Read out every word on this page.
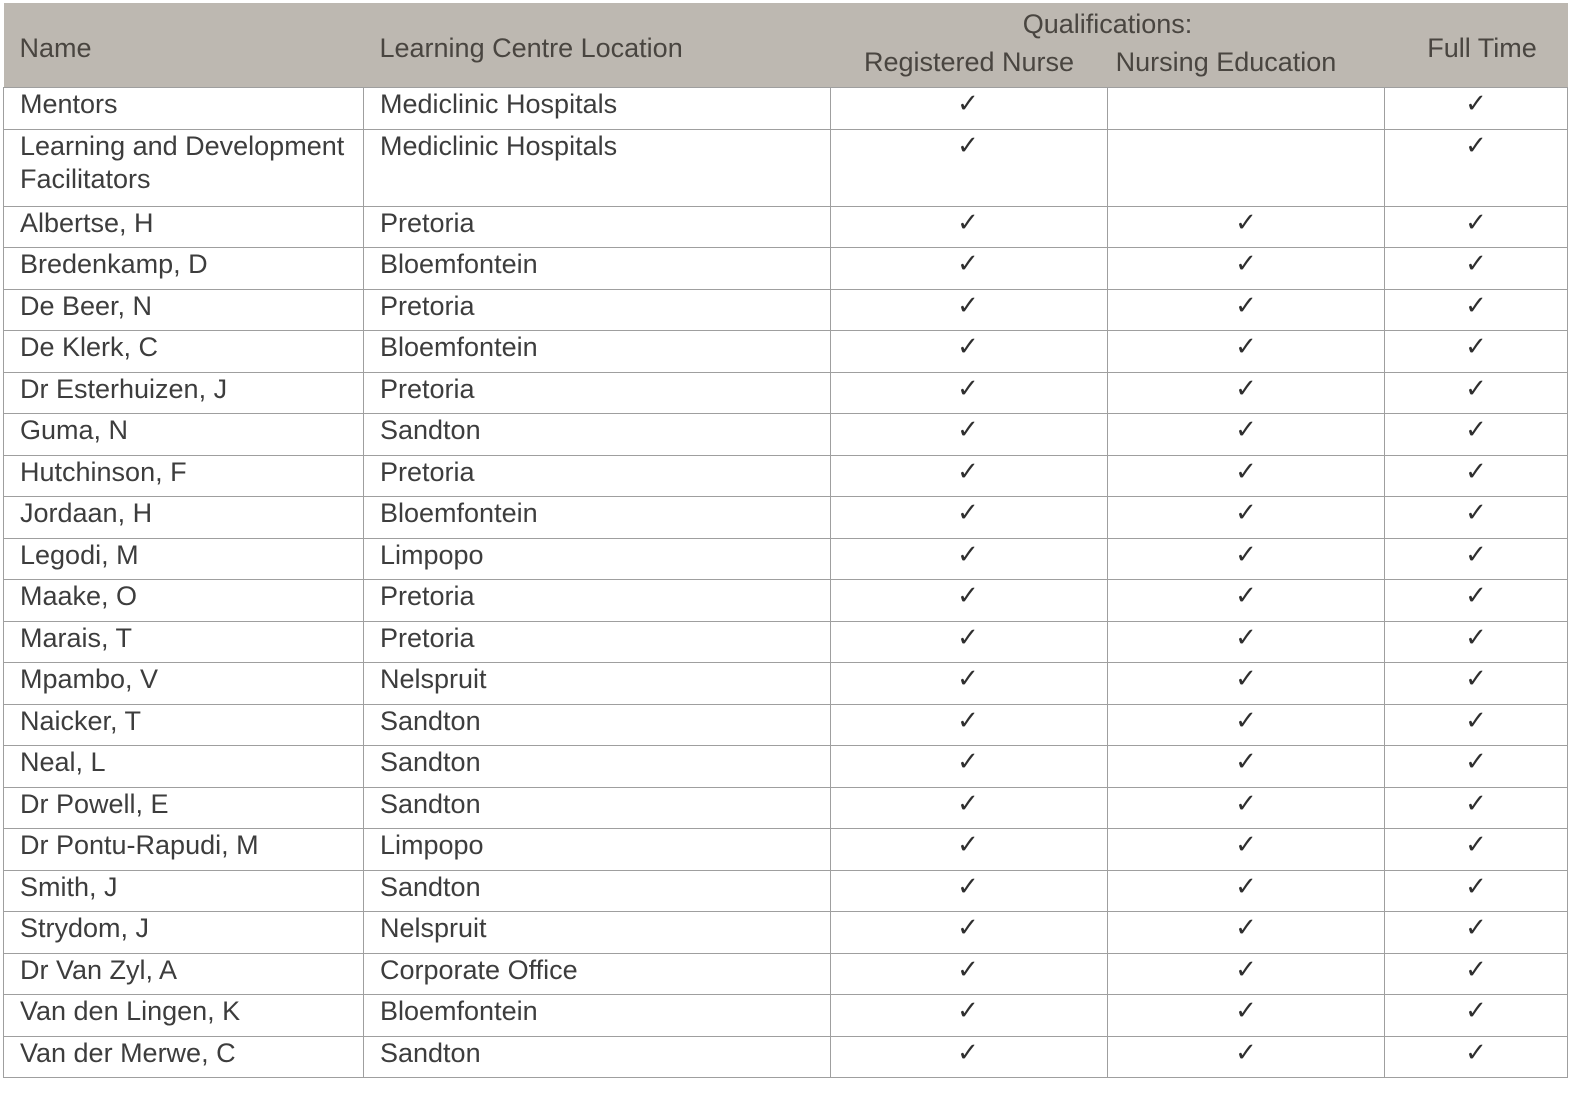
Name	Learning Centre Location	Qualifications:		Full Time
		Registered Nurse	Nursing Education	
Mentors	Mediclinic Hospitals	✓		✓
Learning and Development Facilitators	Mediclinic Hospitals	✓		✓
Albertse, H	Pretoria	✓	✓	✓
Bredenkamp, D	Bloemfontein	✓	✓	✓
De Beer, N	Pretoria	✓	✓	✓
De Klerk, C	Bloemfontein	✓	✓	✓
Dr Esterhuizen, J	Pretoria	✓	✓	✓
Guma, N	Sandton	✓	✓	✓
Hutchinson, F	Pretoria	✓	✓	✓
Jordaan, H	Bloemfontein	✓	✓	✓
Legodi, M	Limpopo	✓	✓	✓
Maake, O	Pretoria	✓	✓	✓
Marais, T	Pretoria	✓	✓	✓
Mpambo, V	Nelspruit	✓	✓	✓
Naicker, T	Sandton	✓	✓	✓
Neal, L	Sandton	✓	✓	✓
Dr Powell, E	Sandton	✓	✓	✓
Dr Pontu-Rapudi, M	Limpopo	✓	✓	✓
Smith, J	Sandton	✓	✓	✓
Strydom, J	Nelspruit	✓	✓	✓
Dr Van Zyl, A	Corporate Office	✓	✓	✓
Van den Lingen, K	Bloemfontein	✓	✓	✓
Van der Merwe, C	Sandton	✓	✓	✓
